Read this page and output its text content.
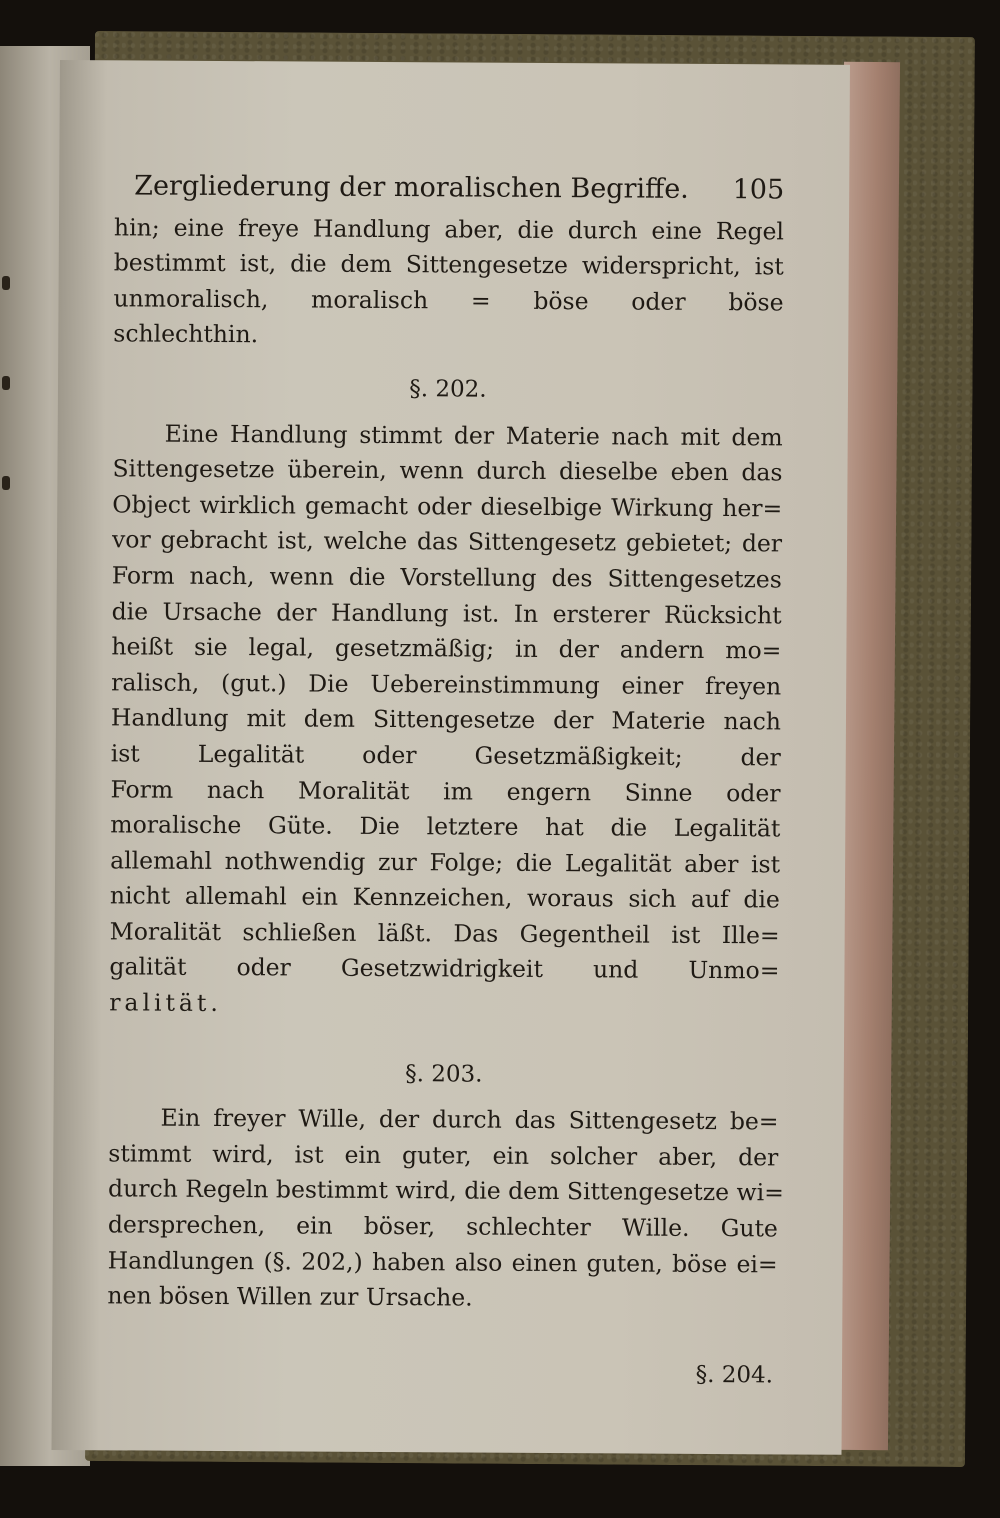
Zergliederung der moralischen Begriffe. 105
hin; eine freye Handlung aber, die durch eine Regel
bestimmt ist, die dem Sittengesetze widerspricht, ist
unmoralisch, moralisch = böse oder böse
schlechthin.
§. 202.
Eine Handlung stimmt der Materie nach mit dem
Sittengesetze überein, wenn durch dieselbe eben das
Object wirklich gemacht oder dieselbige Wirkung her=
vor gebracht ist, welche das Sittengesetz gebietet; der
Form nach, wenn die Vorstellung des Sittengesetzes
die Ursache der Handlung ist. In ersterer Rücksicht
heißt sie legal, gesetzmäßig; in der andern mo=
ralisch, (gut.) Die Uebereinstimmung einer freyen
Handlung mit dem Sittengesetze der Materie nach
ist Legalität oder Gesetzmäßigkeit; der
Form nach Moralität im engern Sinne oder
moralische Güte. Die letztere hat die Legalität
allemahl nothwendig zur Folge; die Legalität aber ist
nicht allemahl ein Kennzeichen, woraus sich auf die
Moralität schließen läßt. Das Gegentheil ist Ille=
galität oder Gesetzwidrigkeit und Unmo=
ralität.
§. 203.
Ein freyer Wille, der durch das Sittengesetz be=
stimmt wird, ist ein guter, ein solcher aber, der
durch Regeln bestimmt wird, die dem Sittengesetze wi=
dersprechen, ein böser, schlechter Wille. Gute
Handlungen (§. 202,) haben also einen guten, böse ei=
nen bösen Willen zur Ursache.
§. 204.
